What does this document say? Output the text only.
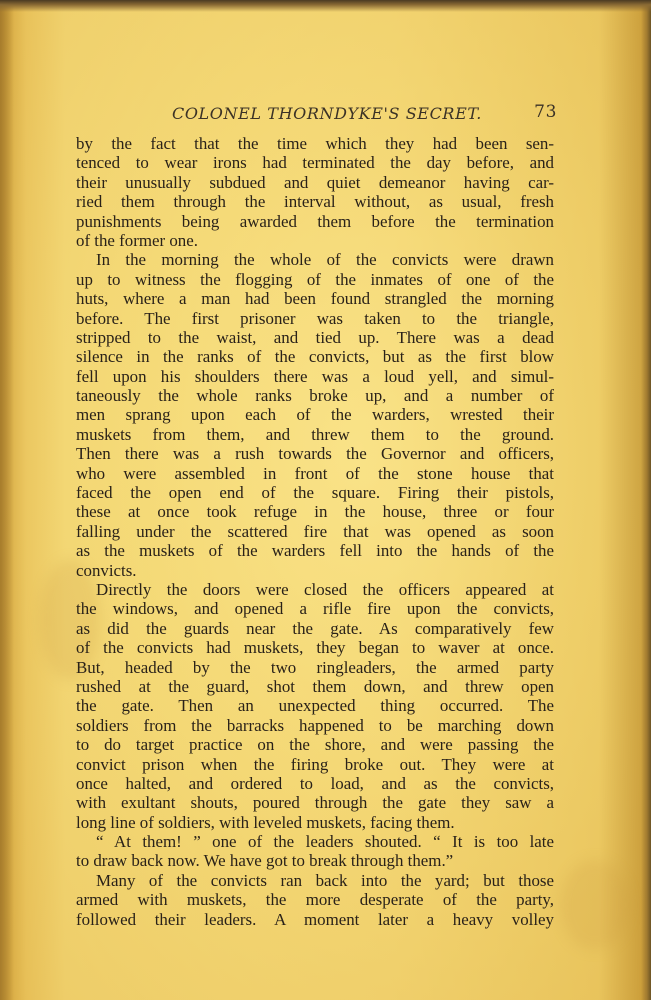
COLONEL THORNDYKE'S SECRET.	73
by the fact that the time which they had been sen-
tenced to wear irons had terminated the day before, and
their unusually subdued and quiet demeanor having car-
ried them through the interval without, as usual, fresh
punishments being awarded them before the termination
of the former one.
In the morning the whole of the convicts were drawn
up to witness the flogging of the inmates of one of the
huts, where a man had been found strangled the morning
before. The first prisoner was taken to the triangle,
stripped to the waist, and tied up. There was a dead
silence in the ranks of the convicts, but as the first blow
fell upon his shoulders there was a loud yell, and simul-
taneously the whole ranks broke up, and a number of
men sprang upon each of the warders, wrested their
muskets from them, and threw them to the ground.
Then there was a rush towards the Governor and officers,
who were assembled in front of the stone house that
faced the open end of the square. Firing their pistols,
these at once took refuge in the house, three or four
falling under the scattered fire that was opened as soon
as the muskets of the warders fell into the hands of the
convicts.
Directly the doors were closed the officers appeared at
the windows, and opened a rifle fire upon the convicts,
as did the guards near the gate. As comparatively few
of the convicts had muskets, they began to waver at once.
But, headed by the two ringleaders, the armed party
rushed at the guard, shot them down, and threw open
the gate. Then an unexpected thing occurred. The
soldiers from the barracks happened to be marching down
to do target practice on the shore, and were passing the
convict prison when the firing broke out. They were at
once halted, and ordered to load, and as the convicts,
with exultant shouts, poured through the gate they saw a
long line of soldiers, with leveled muskets, facing them.
“ At them! ” one of the leaders shouted. “ It is too late
to draw back now. We have got to break through them.”
Many of the convicts ran back into the yard; but those
armed with muskets, the more desperate of the party,
followed their leaders. A moment later a heavy volley
